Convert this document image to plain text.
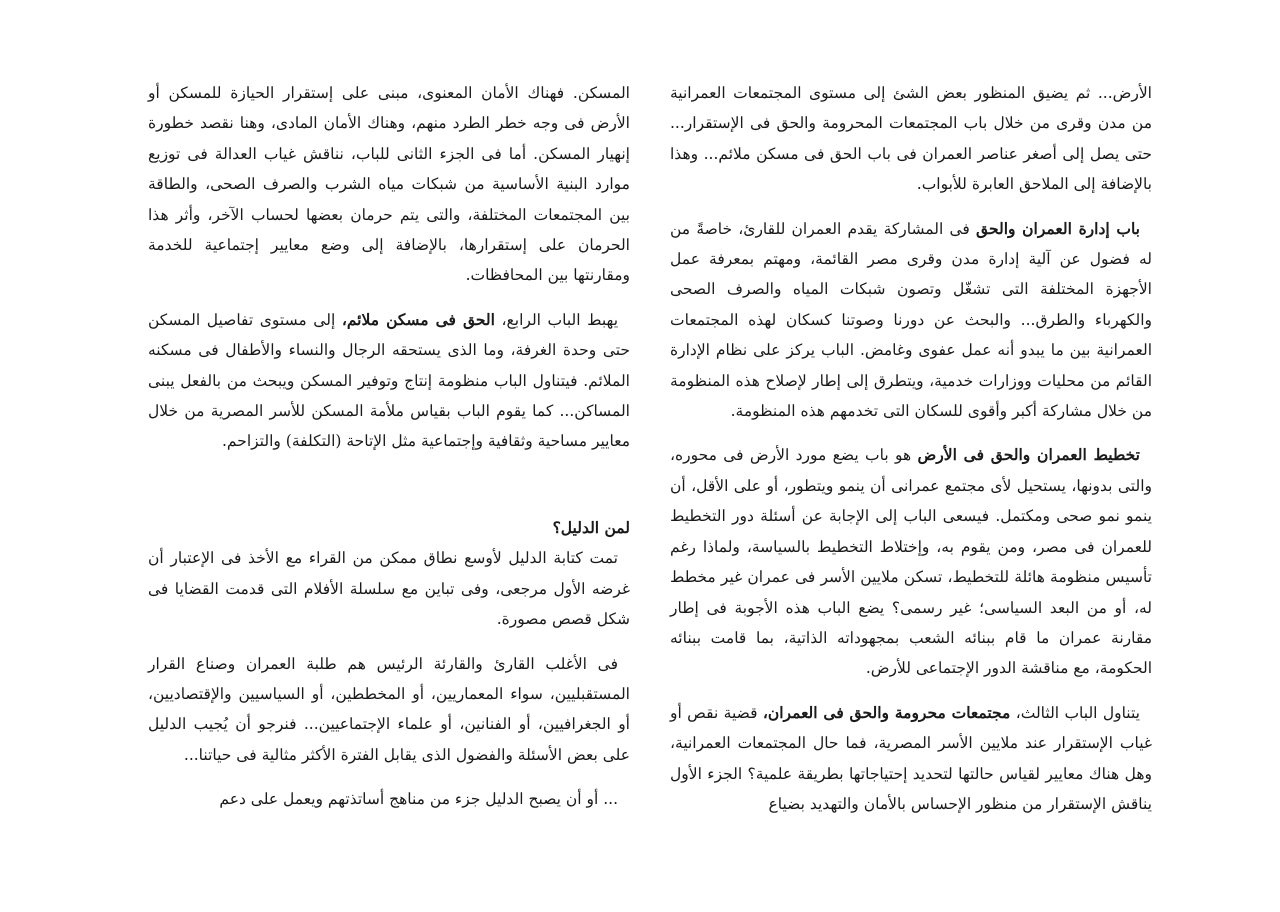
الأرض... ثم يضيق المنظور بعض الشئ إلى مستوى المجتمعات العمرانية من مدن وقرى من خلال باب المجتمعات المحرومة والحق فى الإستقرار... حتى يصل إلى أصغر عناصر العمران فى باب الحق فى مسكن ملائم... وهذا بالإضافة إلى الملاحق العابرة للأبواب.

باب إدارة العمران والحق فى المشاركة يقدم العمران للقارئ، خاصةً من له فضول عن آلية إدارة مدن وقرى مصر القائمة، ومهتم بمعرفة عمل الأجهزة المختلفة التى تشغّل وتصون شبكات المياه والصرف الصحى والكهرباء والطرق... والبحث عن دورنا وصوتنا كسكان لهذه المجتمعات العمرانية بين ما يبدو أنه عمل عفوى وغامض. الباب يركز على نظام الإدارة القائم من محليات ووزارات خدمية، ويتطرق إلى إطار لإصلاح هذه المنظومة من خلال مشاركة أكبر وأقوى للسكان التى تخدمهم هذه المنظومة.

تخطيط العمران والحق فى الأرض هو باب يضع مورد الأرض فى محوره، والتى بدونها، يستحيل لأى مجتمع عمرانى أن ينمو ويتطور، أو على الأقل، أن ينمو نمو صحى ومكتمل. فيسعى الباب إلى الإجابة عن أسئلة دور التخطيط للعمران فى مصر، ومن يقوم به، وإختلاط التخطيط بالسياسة، ولماذا رغم تأسيس منظومة هائلة للتخطيط، تسكن ملايين الأسر فى عمران غير مخطط له، أو من البعد السياسى؛ غير رسمى؟ يضع الباب هذه الأجوبة فى إطار مقارنة عمران ما قام ببنائه الشعب بمجهوداته الذاتية، بما قامت ببنائه الحكومة، مع مناقشة الدور الإجتماعى للأرض.

يتناول الباب الثالث، مجتمعات محرومة والحق فى العمران، قضية نقص أو غياب الإستقرار عند ملايين الأسر المصرية، فما حال المجتمعات العمرانية، وهل هناك معايير لقياس حالتها لتحديد إحتياجاتها بطريقة علمية؟ الجزء الأول يناقش الإستقرار من منظور الإحساس بالأمان والتهديد بضياع

المسكن. فهناك الأمان المعنوى، مبنى على إستقرار الحيازة للمسكن أو الأرض فى وجه خطر الطرد منهم، وهناك الأمان المادى، وهنا نقصد خطورة إنهيار المسكن. أما فى الجزء الثانى للباب، نناقش غياب العدالة فى توزيع موارد البنية الأساسية من شبكات مياه الشرب والصرف الصحى، والطاقة بين المجتمعات المختلفة، والتى يتم حرمان بعضها لحساب الآخر، وأثر هذا الحرمان على إستقرارها، بالإضافة إلى وضع معايير إجتماعية للخدمة ومقارنتها بين المحافظات.

يهبط الباب الرابع، الحق فى مسكن ملائم، إلى مستوى تفاصيل المسكن حتى وحدة الغرفة، وما الذى يستحقه الرجال والنساء والأطفال فى مسكنه الملائم. فيتناول الباب منظومة إنتاج وتوفير المسكن ويبحث من بالفعل يبنى المساكن... كما يقوم الباب بقياس ملأمة المسكن للأسر المصرية من خلال معايير مساحية وثقافية وإجتماعية مثل الإتاحة (التكلفة) والتزاحم.

لمن الدليل؟

تمت كتابة الدليل لأوسع نطاق ممكن من القراء مع الأخذ فى الإعتبار أن غرضه الأول مرجعى، وفى تباين مع سلسلة الأفلام التى قدمت القضايا فى شكل قصص مصورة.

فى الأغلب القارئ والقارئة الرئيس هم طلبة العمران وصناع القرار المستقبليين، سواء المعماريين، أو المخططين، أو السياسيين والإقتصاديين، أو الجغرافيين، أو الفنانين، أو علماء الإجتماعيين... فنرجو أن يُجيب الدليل على بعض الأسئلة والفضول الذى يقابل الفترة الأكثر مثالية فى حياتنا...

... أو أن يصبح الدليل جزء من مناهج أساتذتهم ويعمل على دعم
